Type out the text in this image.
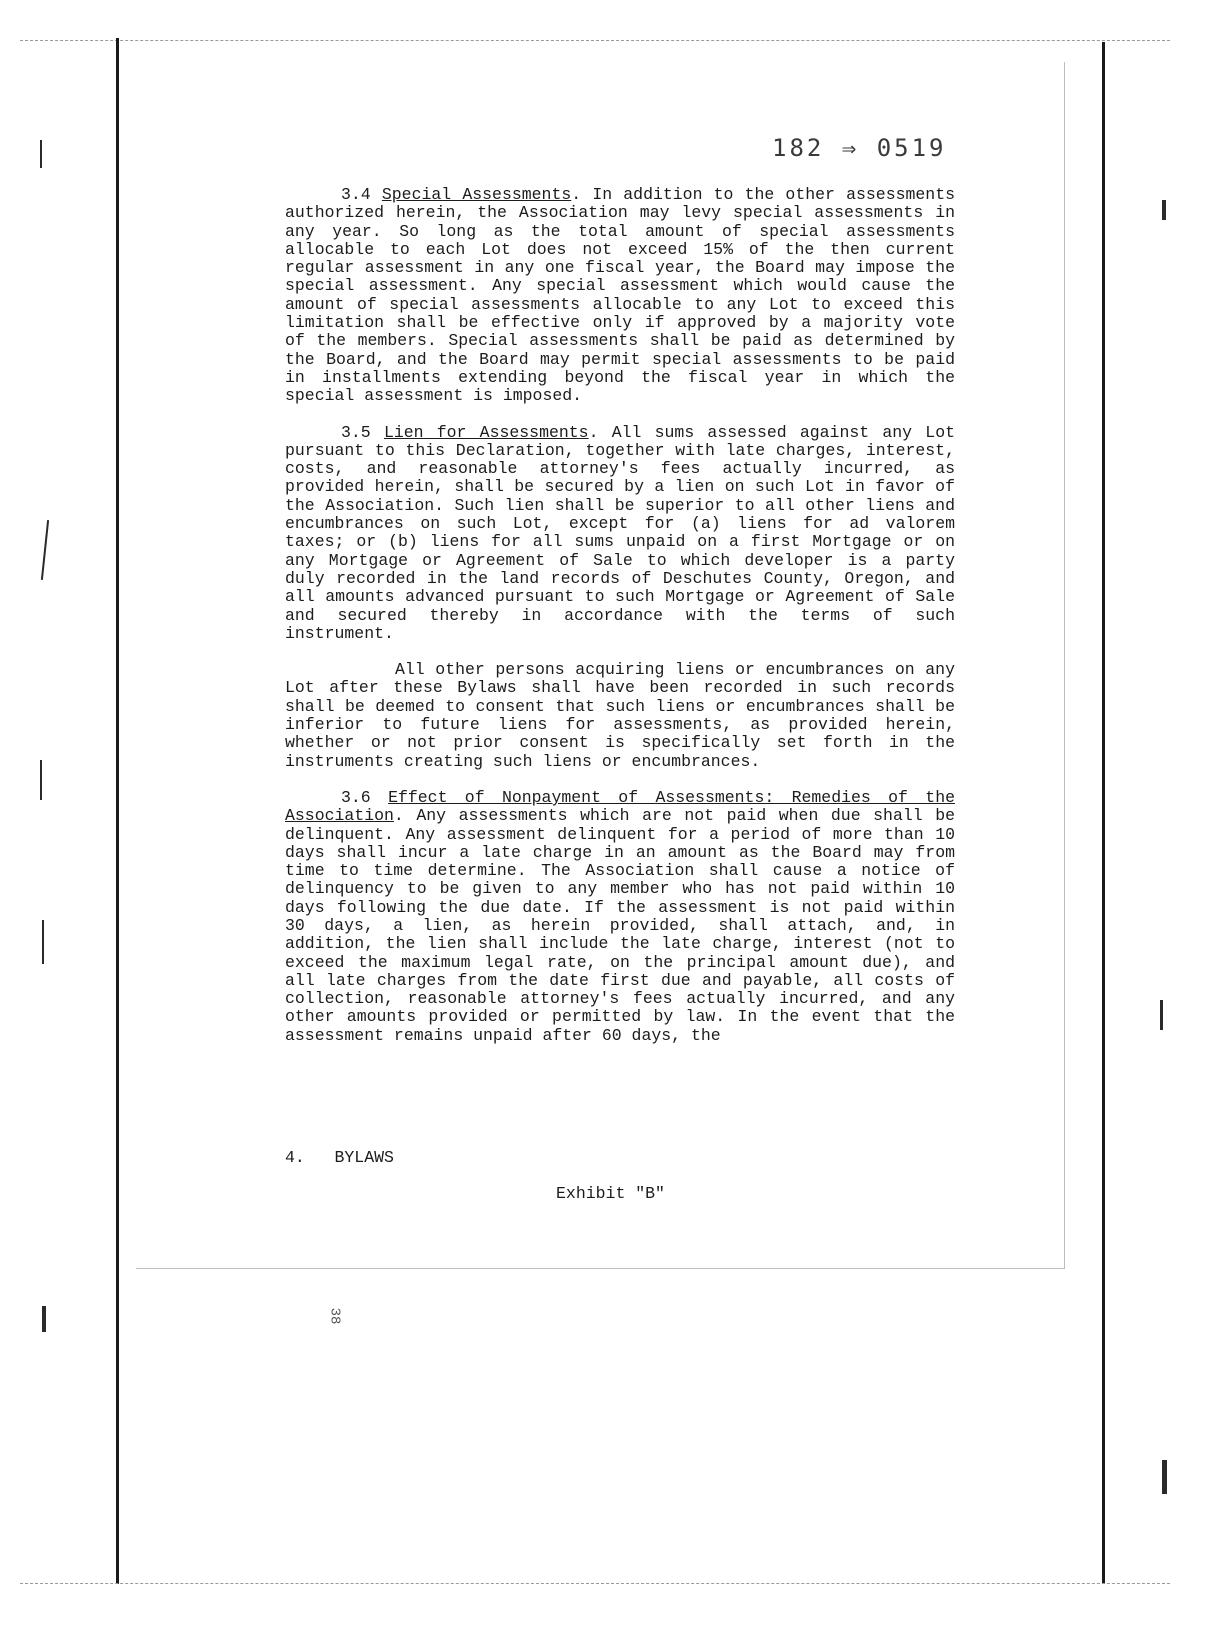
182 ⇒ 0519

3.4 Special Assessments. In addition to the other assessments authorized herein, the Association may levy special assessments in any year. So long as the total amount of special assessments allocable to each Lot does not exceed 15% of the then current regular assessment in any one fiscal year, the Board may impose the special assessment. Any special assessment which would cause the amount of special assessments allocable to any Lot to exceed this limitation shall be effective only if approved by a majority vote of the members. Special assessments shall be paid as determined by the Board, and the Board may permit special assessments to be paid in installments extending beyond the fiscal year in which the special assessment is imposed.

3.5 Lien for Assessments. All sums assessed against any Lot pursuant to this Declaration, together with late charges, interest, costs, and reasonable attorney's fees actually incurred, as provided herein, shall be secured by a lien on such Lot in favor of the Association. Such lien shall be superior to all other liens and encumbrances on such Lot, except for (a) liens for ad valorem taxes; or (b) liens for all sums unpaid on a first Mortgage or on any Mortgage or Agreement of Sale to which developer is a party duly recorded in the land records of Deschutes County, Oregon, and all amounts advanced pursuant to such Mortgage or Agreement of Sale and secured thereby in accordance with the terms of such instrument.

All other persons acquiring liens or encumbrances on any Lot after these Bylaws shall have been recorded in such records shall be deemed to consent that such liens or encumbrances shall be inferior to future liens for assessments, as provided herein, whether or not prior consent is specifically set forth in the instruments creating such liens or encumbrances.

3.6 Effect of Nonpayment of Assessments: Remedies of the Association. Any assessments which are not paid when due shall be delinquent. Any assessment delinquent for a period of more than 10 days shall incur a late charge in an amount as the Board may from time to time determine. The Association shall cause a notice of delinquency to be given to any member who has not paid within 10 days following the due date. If the assessment is not paid within 30 days, a lien, as herein provided, shall attach, and, in addition, the lien shall include the late charge, interest (not to exceed the maximum legal rate, on the principal amount due), and all late charges from the date first due and payable, all costs of collection, reasonable attorney's fees actually incurred, and any other amounts provided or permitted by law. In the event that the assessment remains unpaid after 60 days, the

4.   BYLAWS
Exhibit "B"
38
